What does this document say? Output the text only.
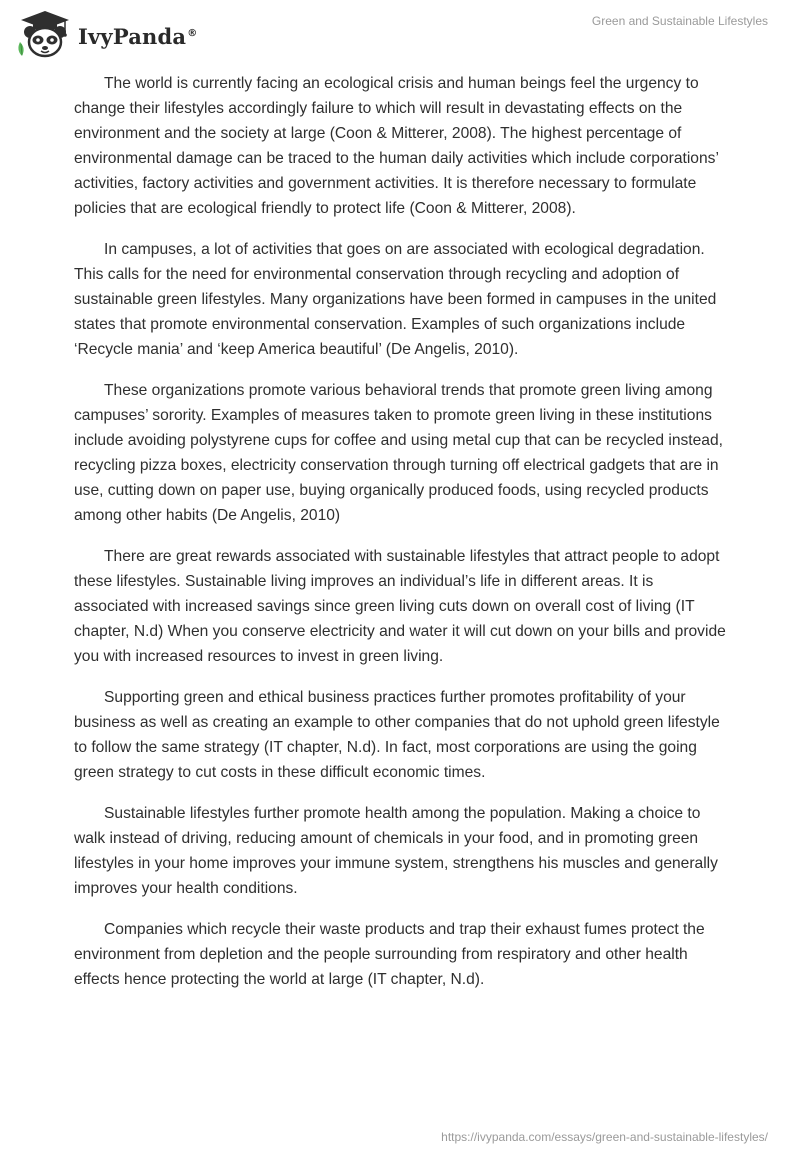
IvyPanda®
Green and Sustainable Lifestyles

The world is currently facing an ecological crisis and human beings feel the urgency to change their lifestyles accordingly failure to which will result in devastating effects on the environment and the society at large (Coon & Mitterer, 2008). The highest percentage of environmental damage can be traced to the human daily activities which include corporations’ activities, factory activities and government activities. It is therefore necessary to formulate policies that are ecological friendly to protect life (Coon & Mitterer, 2008).

In campuses, a lot of activities that goes on are associated with ecological degradation. This calls for the need for environmental conservation through recycling and adoption of sustainable green lifestyles. Many organizations have been formed in campuses in the united states that promote environmental conservation. Examples of such organizations include ‘Recycle mania’ and ‘keep America beautiful’ (De Angelis, 2010).

These organizations promote various behavioral trends that promote green living among campuses’ sorority. Examples of measures taken to promote green living in these institutions include avoiding polystyrene cups for coffee and using metal cup that can be recycled instead, recycling pizza boxes, electricity conservation through turning off electrical gadgets that are in use, cutting down on paper use, buying organically produced foods, using recycled products among other habits (De Angelis, 2010)

There are great rewards associated with sustainable lifestyles that attract people to adopt these lifestyles. Sustainable living improves an individual’s life in different areas. It is associated with increased savings since green living cuts down on overall cost of living (IT chapter, N.d) When you conserve electricity and water it will cut down on your bills and provide you with increased resources to invest in green living.

Supporting green and ethical business practices further promotes profitability of your business as well as creating an example to other companies that do not uphold green lifestyle to follow the same strategy (IT chapter, N.d). In fact, most corporations are using the going green strategy to cut costs in these difficult economic times.

Sustainable lifestyles further promote health among the population. Making a choice to walk instead of driving, reducing amount of chemicals in your food, and in promoting green lifestyles in your home improves your immune system, strengthens his muscles and generally improves your health conditions.

Companies which recycle their waste products and trap their exhaust fumes protect the environment from depletion and the people surrounding from respiratory and other health effects hence protecting the world at large (IT chapter, N.d).

https://ivypanda.com/essays/green-and-sustainable-lifestyles/
